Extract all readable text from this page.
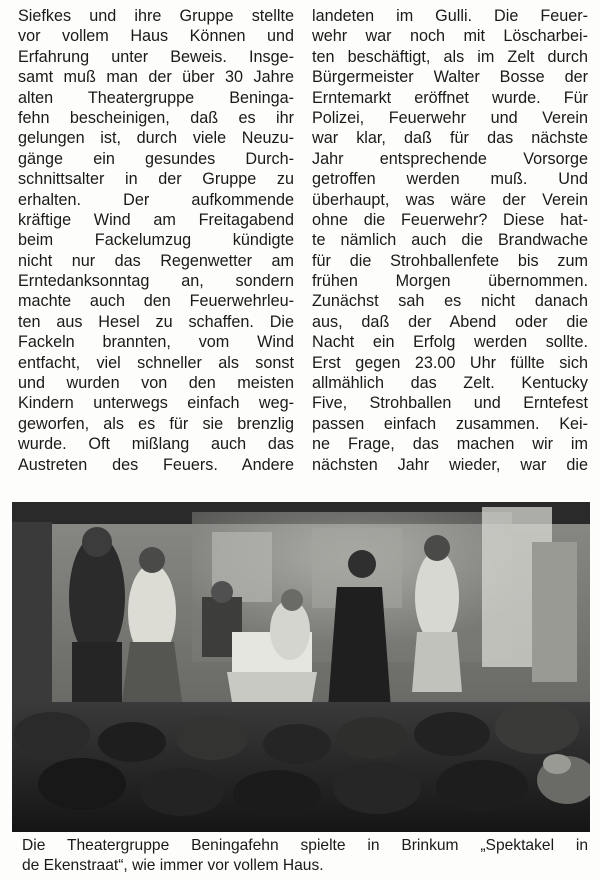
Siefkes und ihre Gruppe stellte
vor vollem Haus Können und
Erfahrung unter Beweis. Insge-
samt muß man der über 30 Jahre
alten Theatergruppe Beninga-
fehn bescheinigen, daß es ihr
gelungen ist, durch viele Neuzu-
gänge ein gesundes Durch-
schnittsalter in der Gruppe zu
erhalten. Der aufkommende
kräftige Wind am Freitagabend
beim Fackelumzug kündigte
nicht nur das Regenwetter am
Erntedanksonntag an, sondern
machte auch den Feuerwehrleu-
ten aus Hesel zu schaffen. Die
Fackeln brannten, vom Wind
entfacht, viel schneller als sonst
und wurden von den meisten
Kindern unterwegs einfach weg-
geworfen, als es für sie brenzlig
wurde. Oft mißlang auch das
Austreten des Feuers. Andere
landeten im Gulli. Die Feuer-
wehr war noch mit Löscharbei-
ten beschäftigt, als im Zelt durch
Bürgermeister Walter Bosse der
Erntemarkt eröffnet wurde. Für
Polizei, Feuerwehr und Verein
war klar, daß für das nächste
Jahr entsprechende Vorsorge
getroffen werden muß. Und
überhaupt, was wäre der Verein
ohne die Feuerwehr? Diese hat-
te nämlich auch die Brandwache
für die Strohballenfete bis zum
frühen Morgen übernommen.
Zunächst sah es nicht danach
aus, daß der Abend oder die
Nacht ein Erfolg werden sollte.
Erst gegen 23.00 Uhr füllte sich
allmählich das Zelt. Kentucky
Five, Strohballen und Erntefest
passen einfach zusammen. Kei-
ne Frage, das machen wir im
nächsten Jahr wieder, war die
Die Theatergruppe Beningafehn spielte in Brinkum „Spektakel in
de Ekenstraat“, wie immer vor vollem Haus.
